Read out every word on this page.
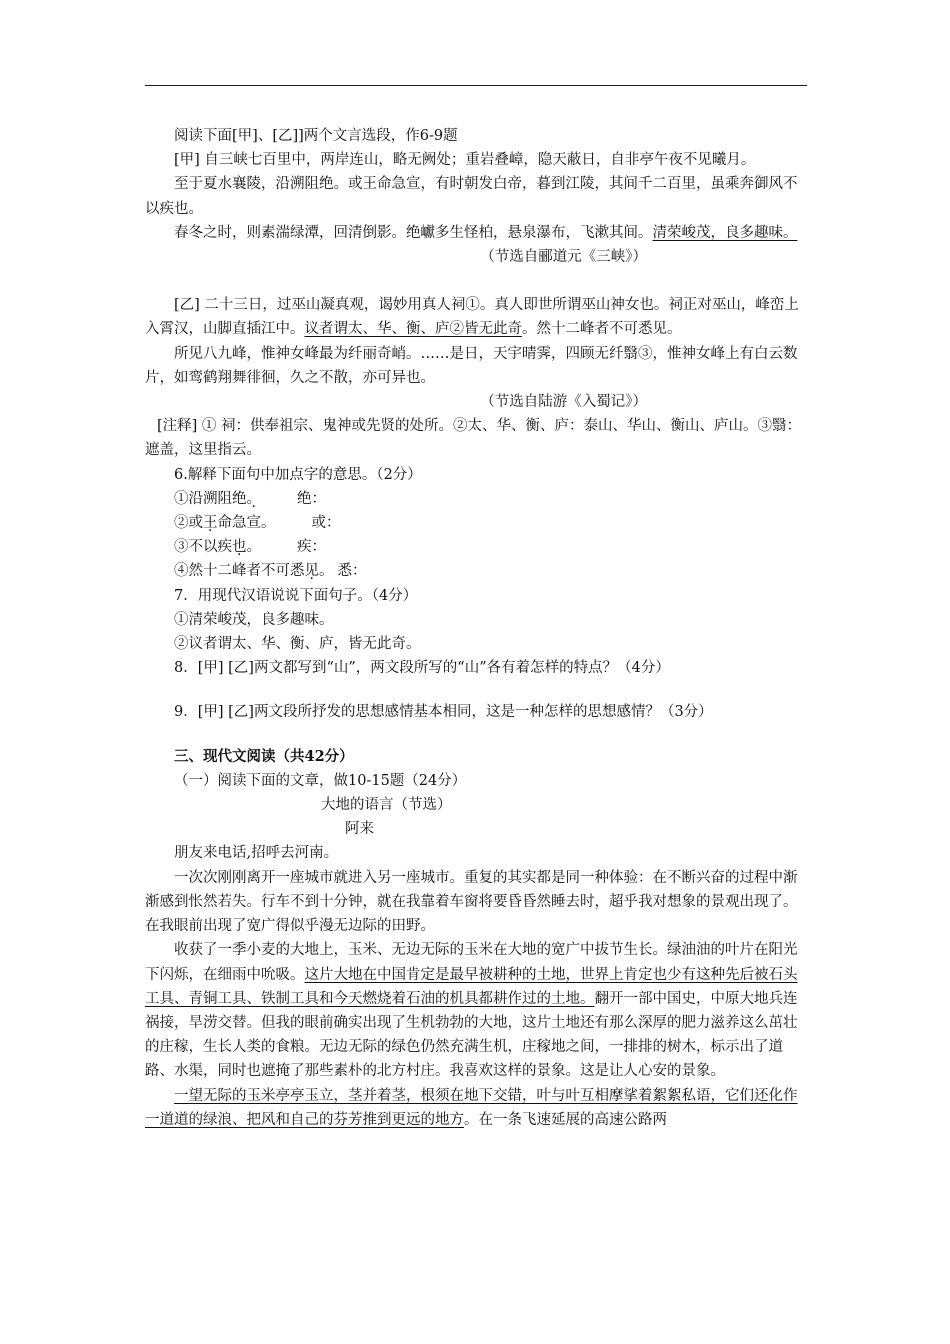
阅读下面[甲]、[乙]]两个文言选段，作6-9题

[甲] 自三峡七百里中，两岸连山，略无阙处；重岩叠嶂，隐天蔽日，自非亭午夜不见曦月。

至于夏水襄陵，沿溯阻绝。或王命急宣，有时朝发白帝，暮到江陵，其间千二百里，虽乘奔御风不以疾也。

春冬之时，则素湍绿潭，回清倒影。绝巘多生怪柏，悬泉瀑布，飞漱其间。清荣峻茂，良多趣味。

（节选自郦道元《三峡》）

[乙] 二十三日，过巫山凝真观，谒妙用真人祠①。真人即世所谓巫山神女也。祠正对巫山，峰峦上入霄汉，山脚直插江中。议者谓太、华、衡、庐②皆无此奇。然十二峰者不可悉见。

所见八九峰，惟神女峰最为纤丽奇峭。……是日，天宇晴霁，四顾无纤翳③，惟神女峰上有白云数片，如鸾鹤翔舞徘徊，久之不散，亦可异也。

（节选自陆游《入蜀记》）

[注释] ① 祠：供奉祖宗、鬼神或先贤的处所。②太、华、衡、庐：泰山、华山、衡山、庐山。③翳：遮盖，这里指云。

6.解释下面句中加点字的意思。（2分）

①沿溯阻绝。 绝：

②或王命急宣。 或：

③不以疾也。 疾：

④然十二峰者不可悉见。 悉：

7．用现代汉语说说下面句子。（4分）

①清荣峻茂，良多趣味。

②议者谓太、华、衡、庐，皆无此奇。

8．[甲] [乙]两文都写到“山”，两文段所写的“山”各有着怎样的特点？（4分）

9．[甲] [乙]两文段所抒发的思想感情基本相同，这是一种怎样的思想感情？（3分）

三、现代文阅读（共42分）

（一）阅读下面的文章，做10-15题（24分）

大地的语言（节选）

阿来

朋友来电话,招呼去河南。

一次次刚刚离开一座城市就进入另一座城市。重复的其实都是同一种体验：在不断兴奋的过程中渐渐感到怅然若失。行车不到十分钟，就在我靠着车窗将要昏昏然睡去时，超乎我对想象的景观出现了。在我眼前出现了宽广得似乎漫无边际的田野。

收获了一季小麦的大地上，玉米、无边无际的玉米在大地的宽广中拔节生长。绿油油的叶片在阳光下闪烁，在细雨中吮吸。这片大地在中国肯定是最早被耕种的土地，世界上肯定也少有这种先后被石头工具、青铜工具、铁制工具和今天燃烧着石油的机具都耕作过的土地。翻开一部中国史，中原大地兵连祸接，旱涝交替。但我的眼前确实出现了生机勃勃的大地，这片土地还有那么深厚的肥力滋养这么茁壮的庄稼，生长人类的食粮。无边无际的绿色仍然充满生机，庄稼地之间，一排排的树木，标示出了道路、水渠，同时也遮掩了那些素朴的北方村庄。我喜欢这样的景象。这是让人心安的景象。

一望无际的玉米亭亭玉立，茎并着茎，根须在地下交错，叶与叶互相摩挲着絮絮私语，它们还化作一道道的绿浪、把风和自己的芬芳推到更远的地方。在一条飞速延展的高速公路两
